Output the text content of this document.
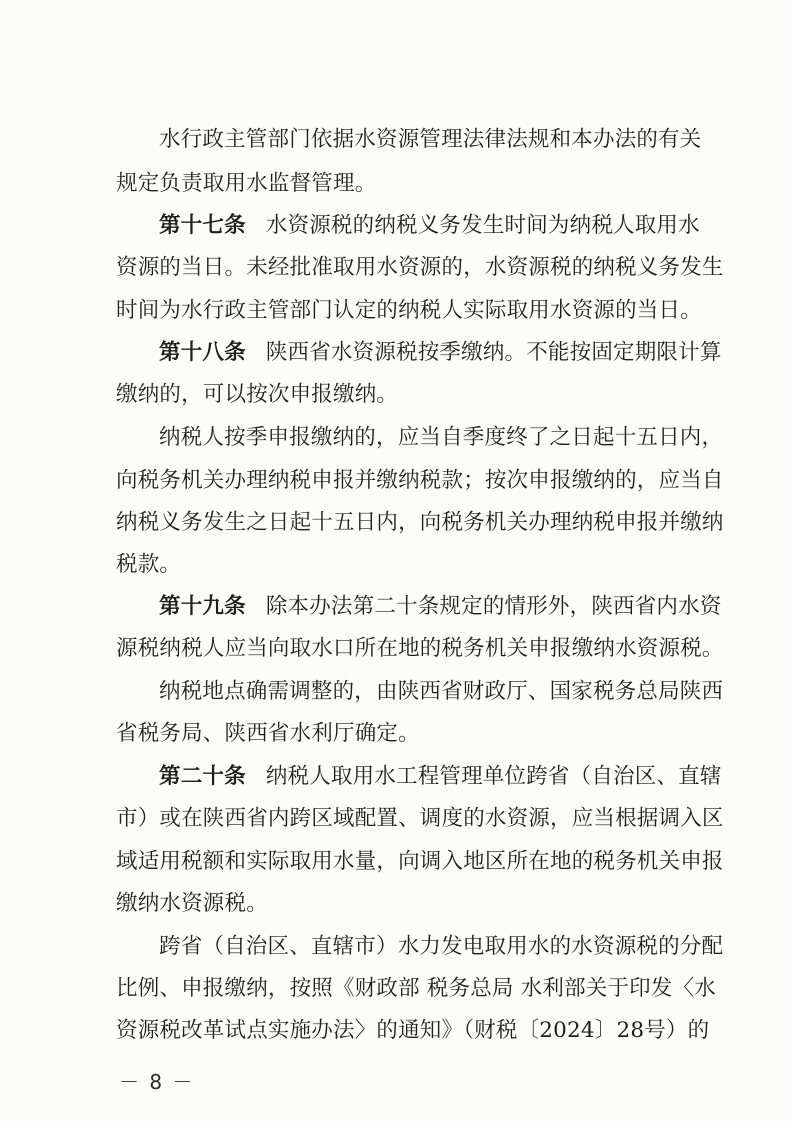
水行政主管部门依据水资源管理法律法规和本办法的有关
规定负责取用水监督管理。
第十七条 水资源税的纳税义务发生时间为纳税人取用水
资源的当日。未经批准取用水资源的，水资源税的纳税义务发生
时间为水行政主管部门认定的纳税人实际取用水资源的当日。
第十八条 陕西省水资源税按季缴纳。不能按固定期限计算
缴纳的，可以按次申报缴纳。
纳税人按季申报缴纳的，应当自季度终了之日起十五日内，
向税务机关办理纳税申报并缴纳税款；按次申报缴纳的，应当自
纳税义务发生之日起十五日内，向税务机关办理纳税申报并缴纳
税款。
第十九条 除本办法第二十条规定的情形外，陕西省内水资
源税纳税人应当向取水口所在地的税务机关申报缴纳水资源税。
纳税地点确需调整的，由陕西省财政厅、国家税务总局陕西
省税务局、陕西省水利厅确定。
第二十条 纳税人取用水工程管理单位跨省（自治区、直辖
市）或在陕西省内跨区域配置、调度的水资源，应当根据调入区
域适用税额和实际取用水量，向调入地区所在地的税务机关申报
缴纳水资源税。
跨省（自治区、直辖市）水力发电取用水的水资源税的分配
比例、申报缴纳，按照《财政部 税务总局 水利部关于印发〈水
资源税改革试点实施办法〉的通知》（财税〔2024〕28号）的
－ 8 －
